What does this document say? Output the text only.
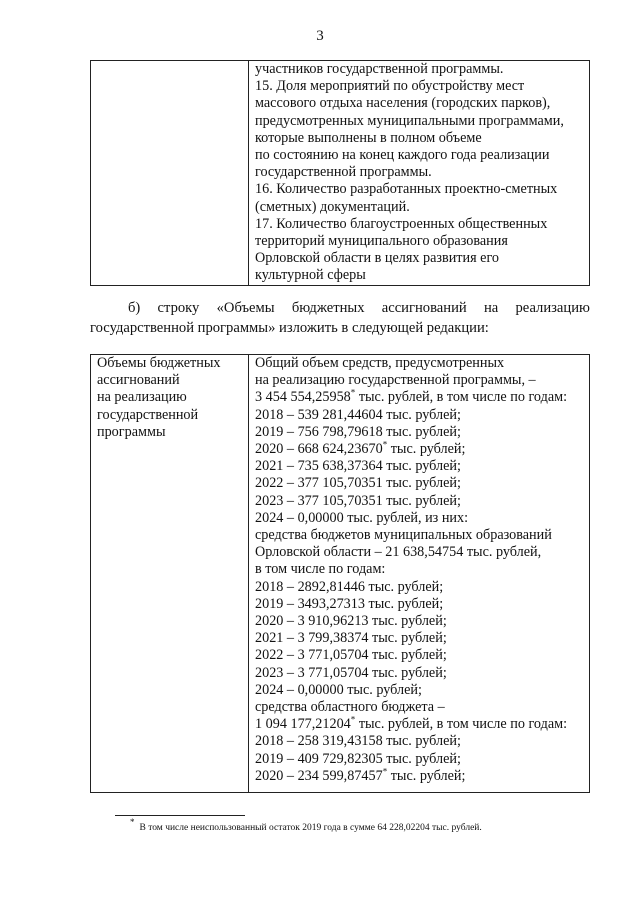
3

участников государственной программы.
15. Доля мероприятий по обустройству мест
массового отдыха населения (городских парков),
предусмотренных муниципальными программами,
которые выполнены в полном объеме
по состоянию на конец каждого года реализации
государственной программы.
16. Количество разработанных проектно-сметных
(сметных) документаций.
17. Количество благоустроенных общественных
территорий муниципального образования
Орловской области в целях развития его
культурной сферы
б) строку «Объемы бюджетных ассигнований на реализацию
государственной программы» изложить в следующей редакции:
Объемы бюджетных
ассигнований
на реализацию
государственной
программы

Общий объем средств, предусмотренных
на реализацию государственной программы, –
3 454 554,25958* тыс. рублей, в том числе по годам:
2018 – 539 281,44604 тыс. рублей;
2019 – 756 798,79618 тыс. рублей;
2020 – 668 624,23670* тыс. рублей;
2021 – 735 638,37364 тыс. рублей;
2022 – 377 105,70351 тыс. рублей;
2023 – 377 105,70351 тыс. рублей;
2024 – 0,00000 тыс. рублей, из них:
средства бюджетов муниципальных образований
Орловской области – 21 638,54754 тыс. рублей,
в том числе по годам:
2018 – 2892,81446 тыс. рублей;
2019 – 3493,27313 тыс. рублей;
2020 – 3 910,96213 тыс. рублей;
2021 – 3 799,38374 тыс. рублей;
2022 – 3 771,05704 тыс. рублей;
2023 – 3 771,05704 тыс. рублей;
2024 – 0,00000 тыс. рублей;
средства областного бюджета –
1 094 177,21204* тыс. рублей, в том числе по годам:
2018 – 258 319,43158 тыс. рублей;
2019 – 409 729,82305 тыс. рублей;
2020 – 234 599,87457* тыс. рублей;
*В том числе неиспользованный остаток 2019 года в сумме 64 228,02204 тыс. рублей.
